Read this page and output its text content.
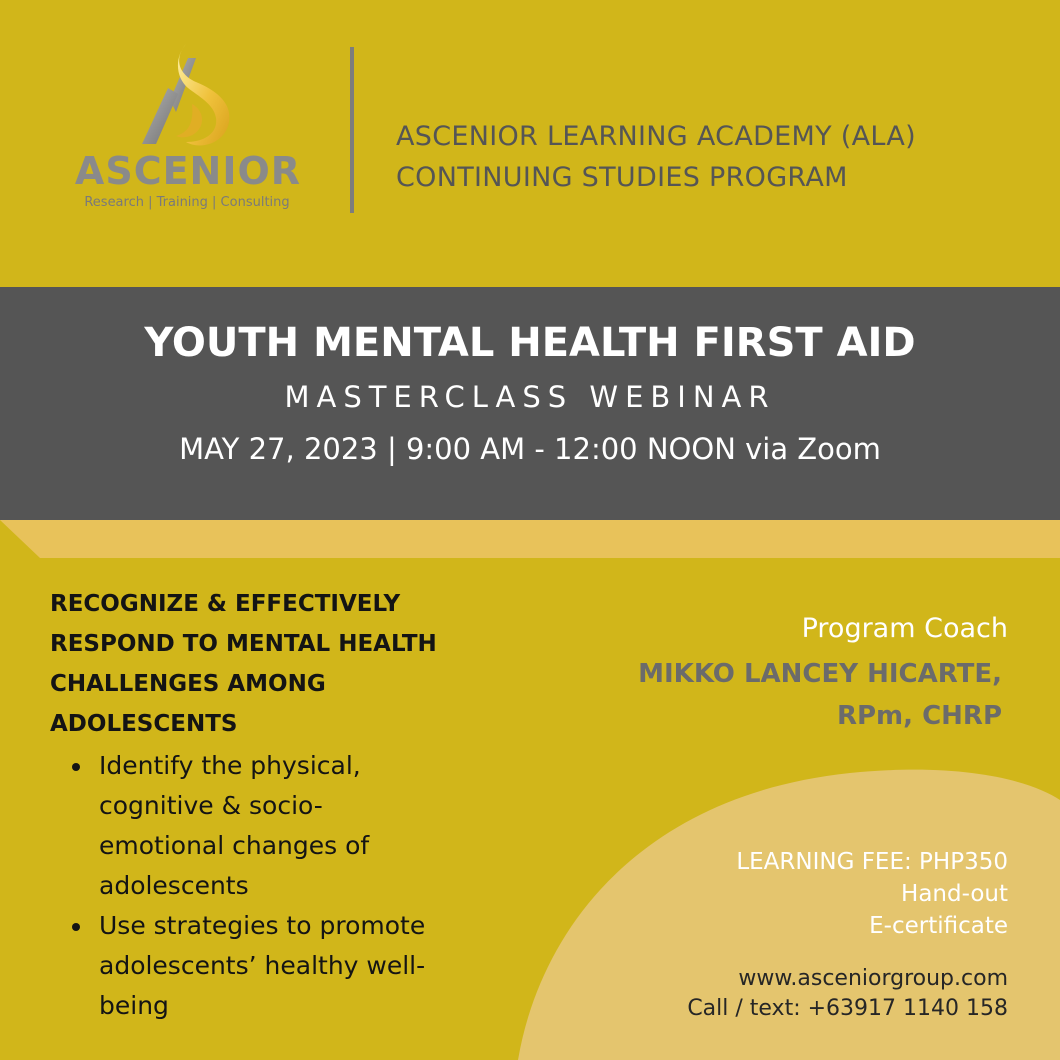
ASCENIOR
Research | Training | Consulting
ASCENIOR LEARNING ACADEMY (ALA)
CONTINUING STUDIES PROGRAM
YOUTH MENTAL HEALTH FIRST AID
MASTERCLASS WEBINAR
MAY 27, 2023 | 9:00 AM - 12:00 NOON via Zoom
RECOGNIZE & EFFECTIVELY
RESPOND TO MENTAL HEALTH
CHALLENGES AMONG
ADOLESCENTS
Identify the physical,
cognitive & socio-
emotional changes of
adolescents
Use strategies to promote
adolescents’ healthy well-
being
Program Coach
MIKKO LANCEY HICARTE,
RPm, CHRP
LEARNING FEE: PHP350
Hand-out
E-certificate
www.asceniorgroup.com
Call / text: +63917 1140 158
